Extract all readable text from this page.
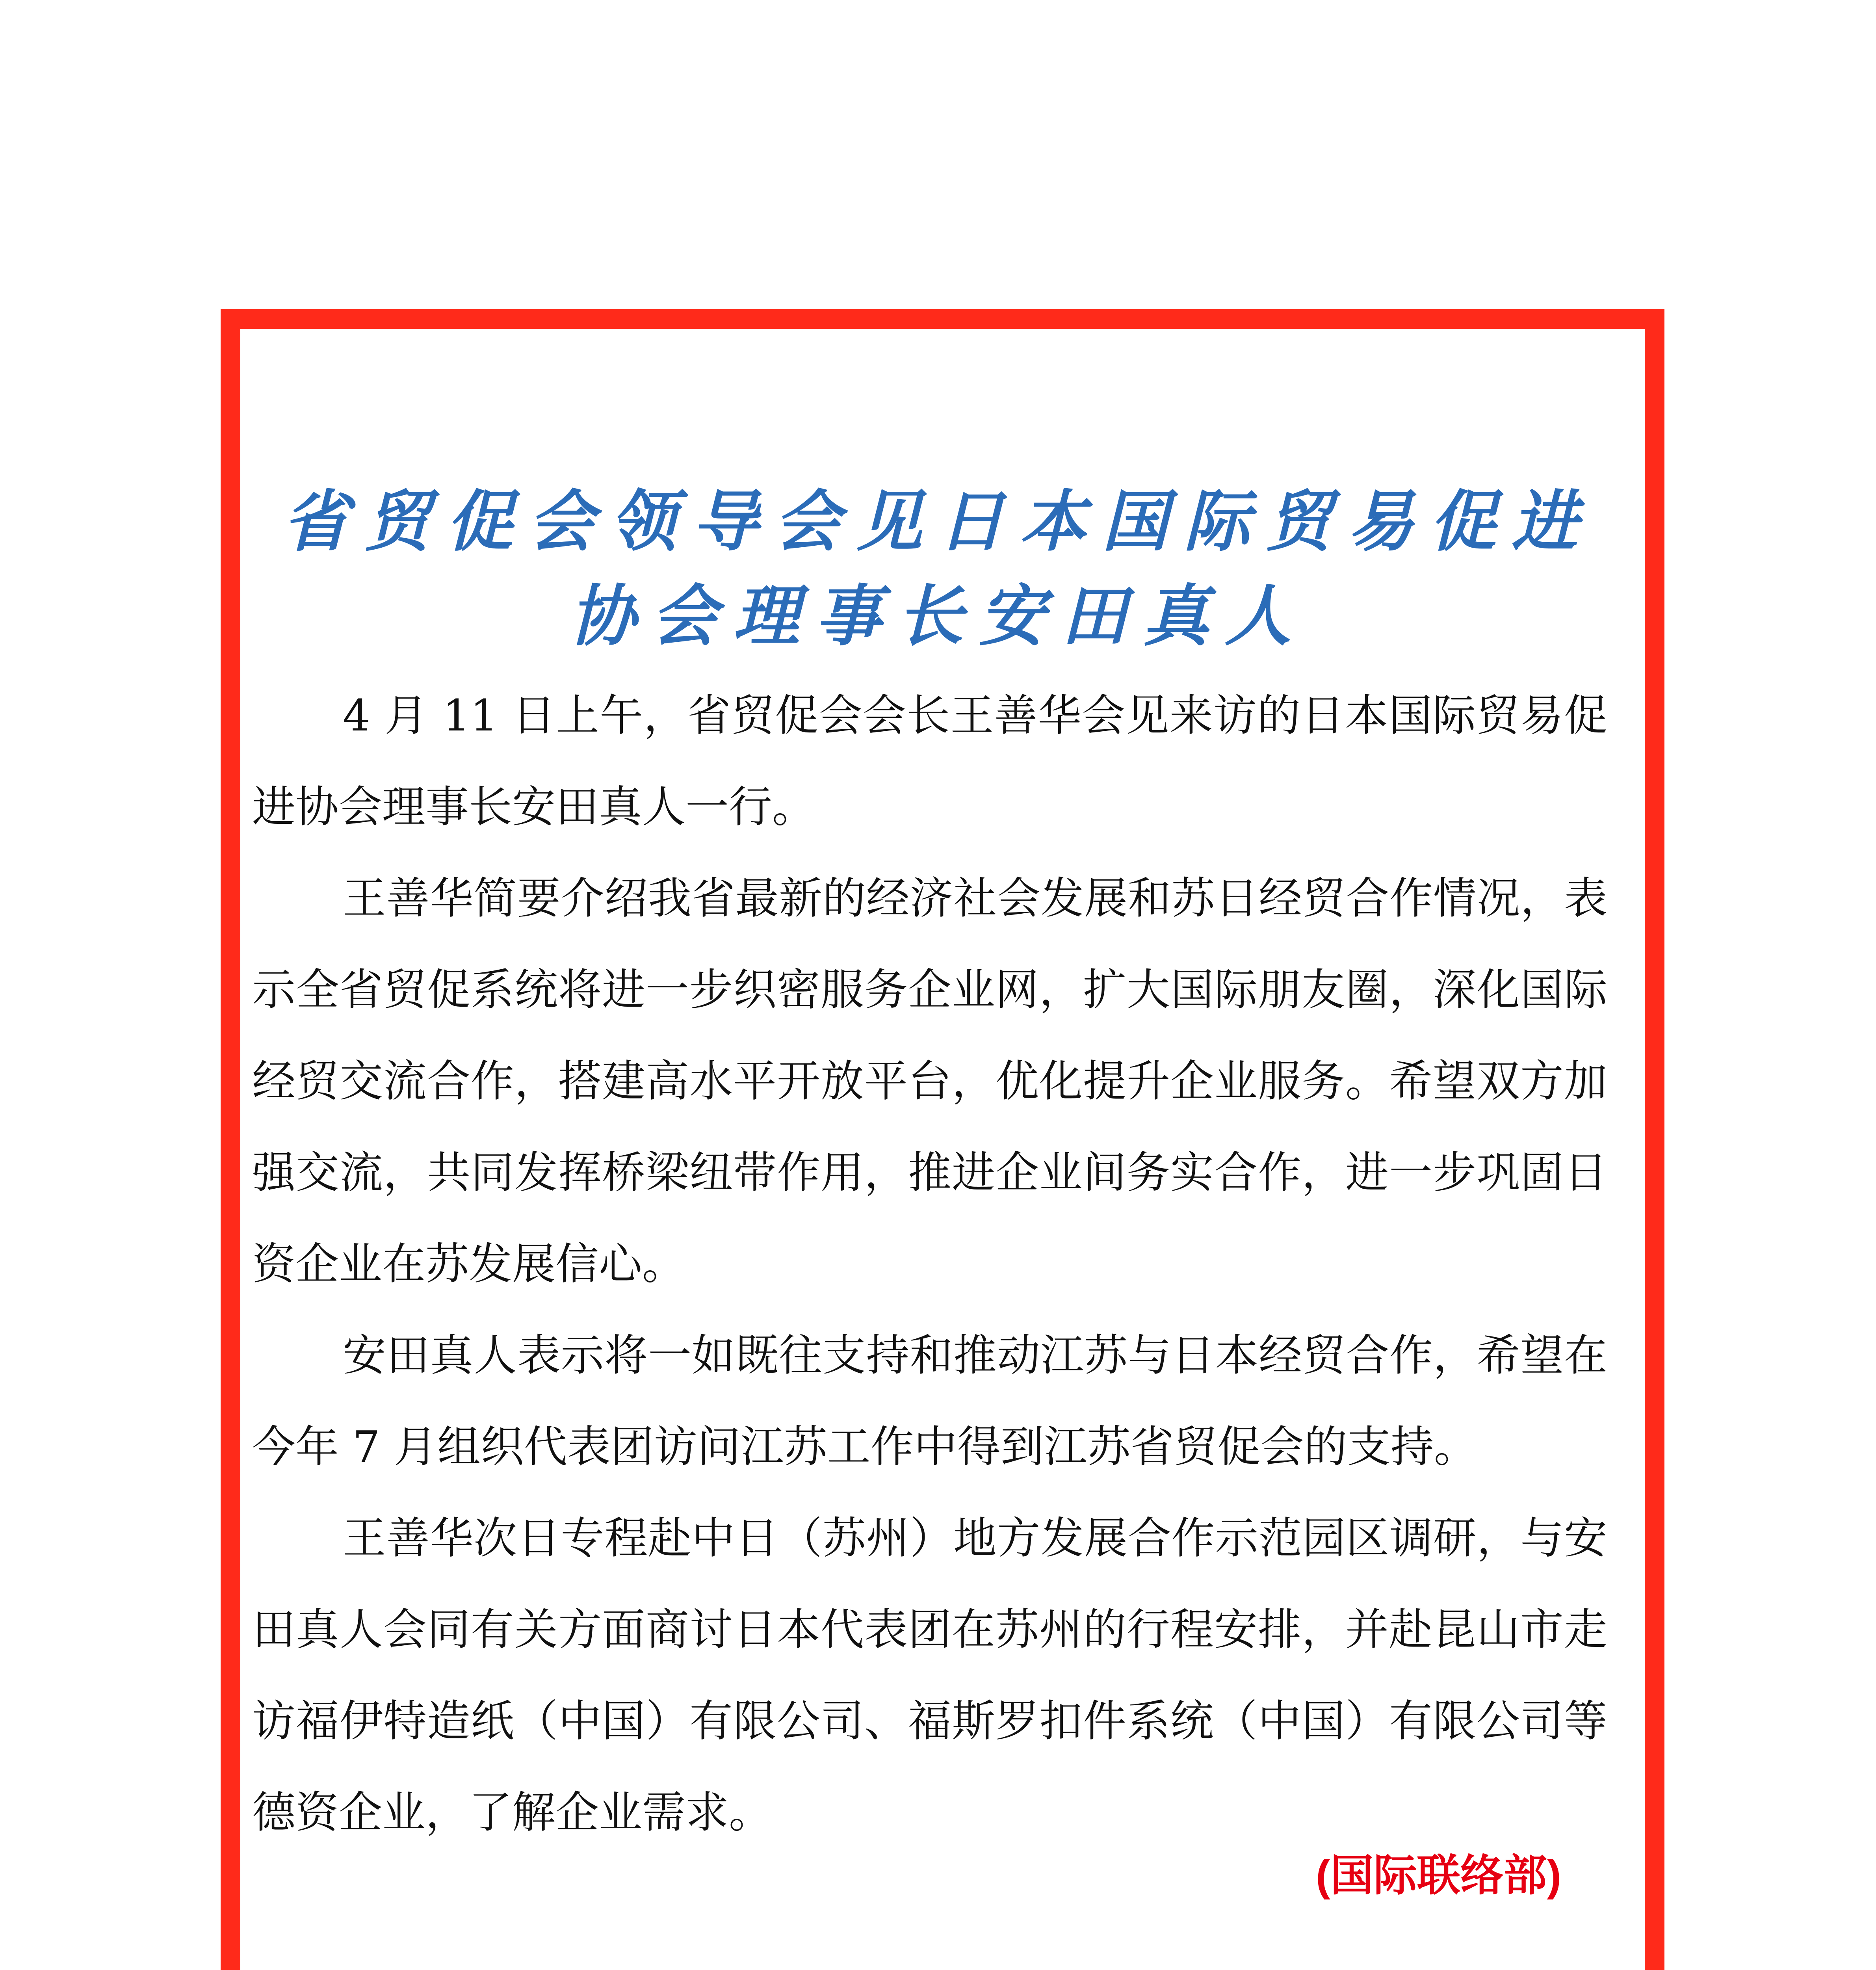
省贸促会领导会见日本国际贸易促进
协会理事长安田真人

4 月 11 日上午，省贸促会会长王善华会见来访的日本国际贸易促进协会理事长安田真人一行。

王善华简要介绍我省最新的经济社会发展和苏日经贸合作情况，表示全省贸促系统将进一步织密服务企业网，扩大国际朋友圈，深化国际经贸交流合作，搭建高水平开放平台，优化提升企业服务。希望双方加强交流，共同发挥桥梁纽带作用，推进企业间务实合作，进一步巩固日资企业在苏发展信心。

安田真人表示将一如既往支持和推动江苏与日本经贸合作，希望在今年 7 月组织代表团访问江苏工作中得到江苏省贸促会的支持。

王善华次日专程赴中日（苏州）地方发展合作示范园区调研，与安田真人会同有关方面商讨日本代表团在苏州的行程安排，并赴昆山市走访福伊特造纸（中国）有限公司、福斯罗扣件系统（中国）有限公司等德资企业，了解企业需求。

(国际联络部)
